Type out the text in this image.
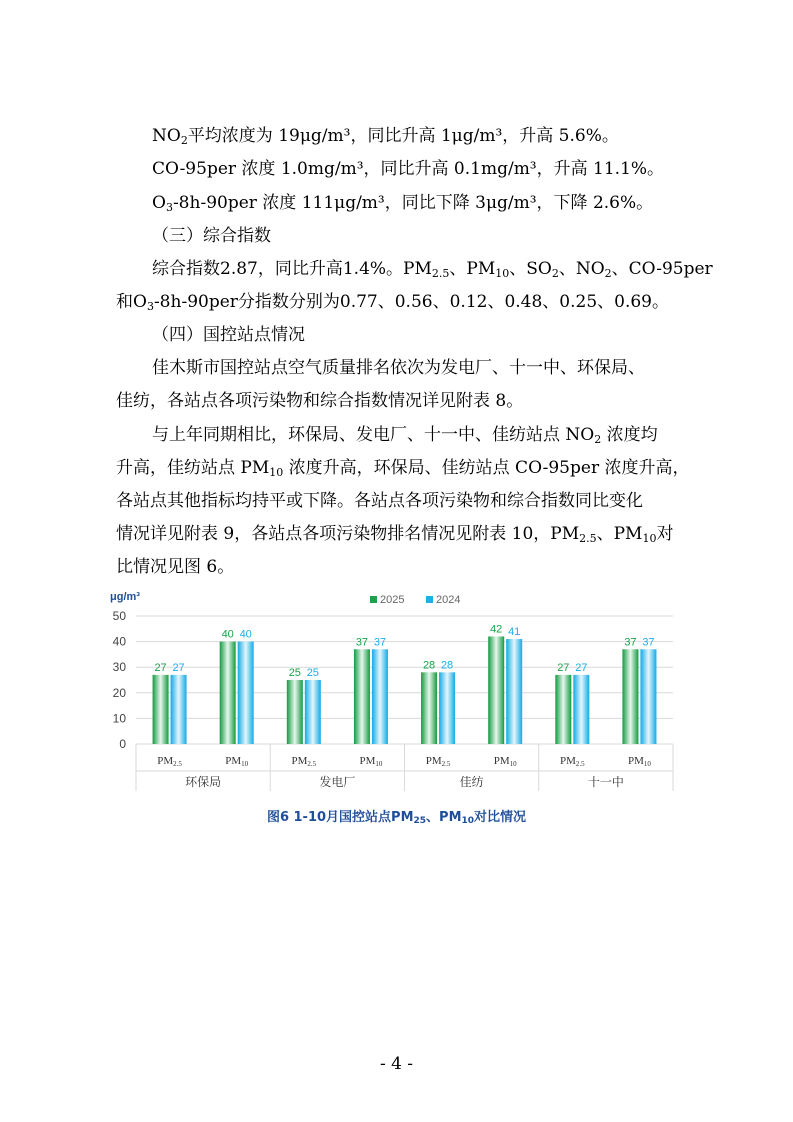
$NO_2$平均浓度为 19μg/m³，同比升高 1μg/m³，升高 5.6%。
CO-95per 浓度 1.0mg/m³，同比升高 0.1mg/m³，升高 11.1%。
$O_3-8h-90per$ 浓度 111μg/m³，同比下降 3μg/m³，下降 2.6%。
（三）综合指数
综合指数2.87，同比升高1.4%。$PM_{2.5}$、$PM_{10}$、$SO_2$、$NO_2$、CO-95per
和$O_3-8h-90per$分指数分别为0.77、0.56、0.12、0.48、0.25、0.69。
（四）国控站点情况
佳木斯市国控站点空气质量排名依次为发电厂、十一中、环保局、
佳纺，各站点各项污染物和综合指数情况详见附表 8。
与上年同期相比，环保局、发电厂、十一中、佳纺站点 $NO_2$ 浓度均
升高，佳纺站点 $PM_{10}$ 浓度升高，环保局、佳纺站点 CO-95per 浓度升高，
各站点其他指标均持平或下降。各站点各项污染物和综合指数同比变化
情况详见附表 9，各站点各项污染物排名情况见附表 10，$PM_{2.5}$、$PM_{10}$对
比情况见图 6。
μg/m³
0
10
20
30
40
50
2025	2024
27 27
PM2.5
40 40
PM10
25 25
PM2.5
37 37
PM10
28 28
PM2.5
42 41
PM10
27 27
PM2.5
37 37
PM10
环保局	发电厂	佳纺	十一中
图6 1-10月国控站点$PM_{25}$、$PM_{10}$对比情况
- 4 -
